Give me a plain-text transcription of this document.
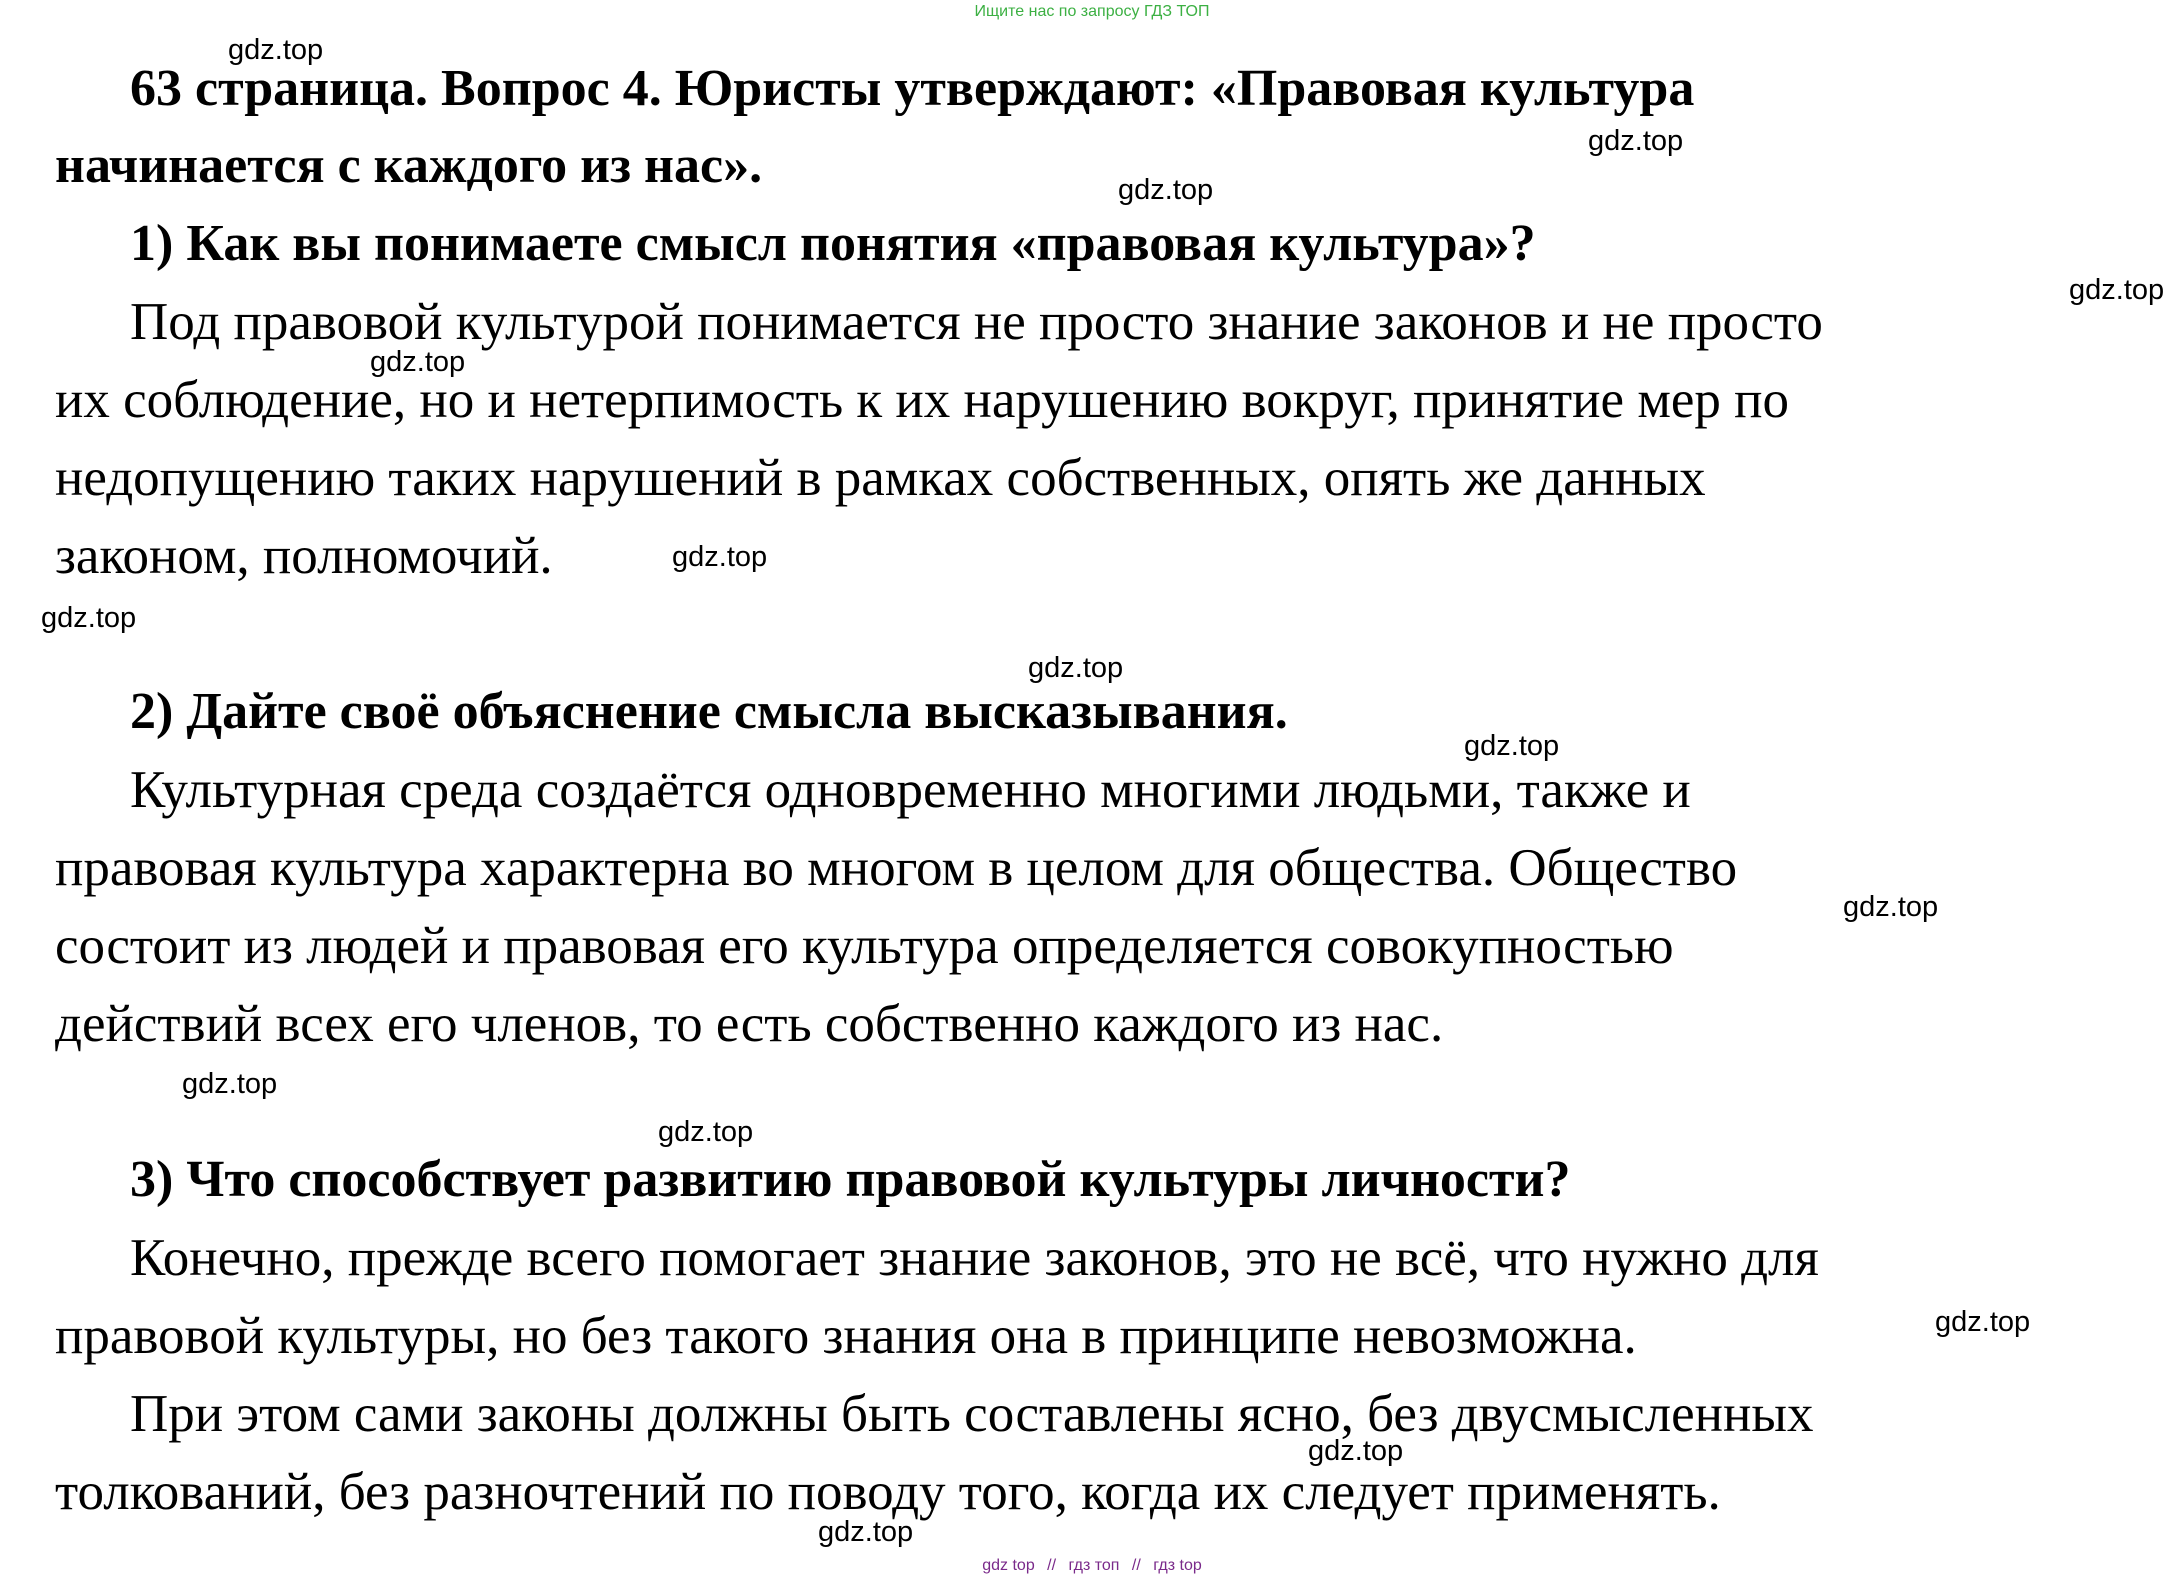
Ищите нас по запросу ГДЗ ТОП
63 страница. Вопрос 4. Юристы утверждают: «Правовая культура
начинается с каждого из нас».
1) Как вы понимаете смысл понятия «правовая культура»?
Под правовой культурой понимается не просто знание законов и не просто
их соблюдение, но и нетерпимость к их нарушению вокруг, принятие мер по
недопущению таких нарушений в рамках собственных, опять же данных
законом, полномочий.
2) Дайте своё объяснение смысла высказывания.
Культурная среда создаётся одновременно многими людьми, также и
правовая культура характерна во многом в целом для общества. Общество
состоит из людей и правовая его культура определяется совокупностью
действий всех его членов, то есть собственно каждого из нас.
3) Что способствует развитию правовой культуры личности?
Конечно, прежде всего помогает знание законов, это не всё, что нужно для
правовой культуры, но без такого знания она в принципе невозможна.
При этом сами законы должны быть составлены ясно, без двусмысленных
толкований, без разночтений по поводу того, когда их следует применять.
gdz.top
gdz.top
gdz.top
gdz.top
gdz.top
gdz.top
gdz.top
gdz.top
gdz.top
gdz.top
gdz.top
gdz.top
gdz.top
gdz.top
gdz.top
gdz top // гдз топ // гдз top
